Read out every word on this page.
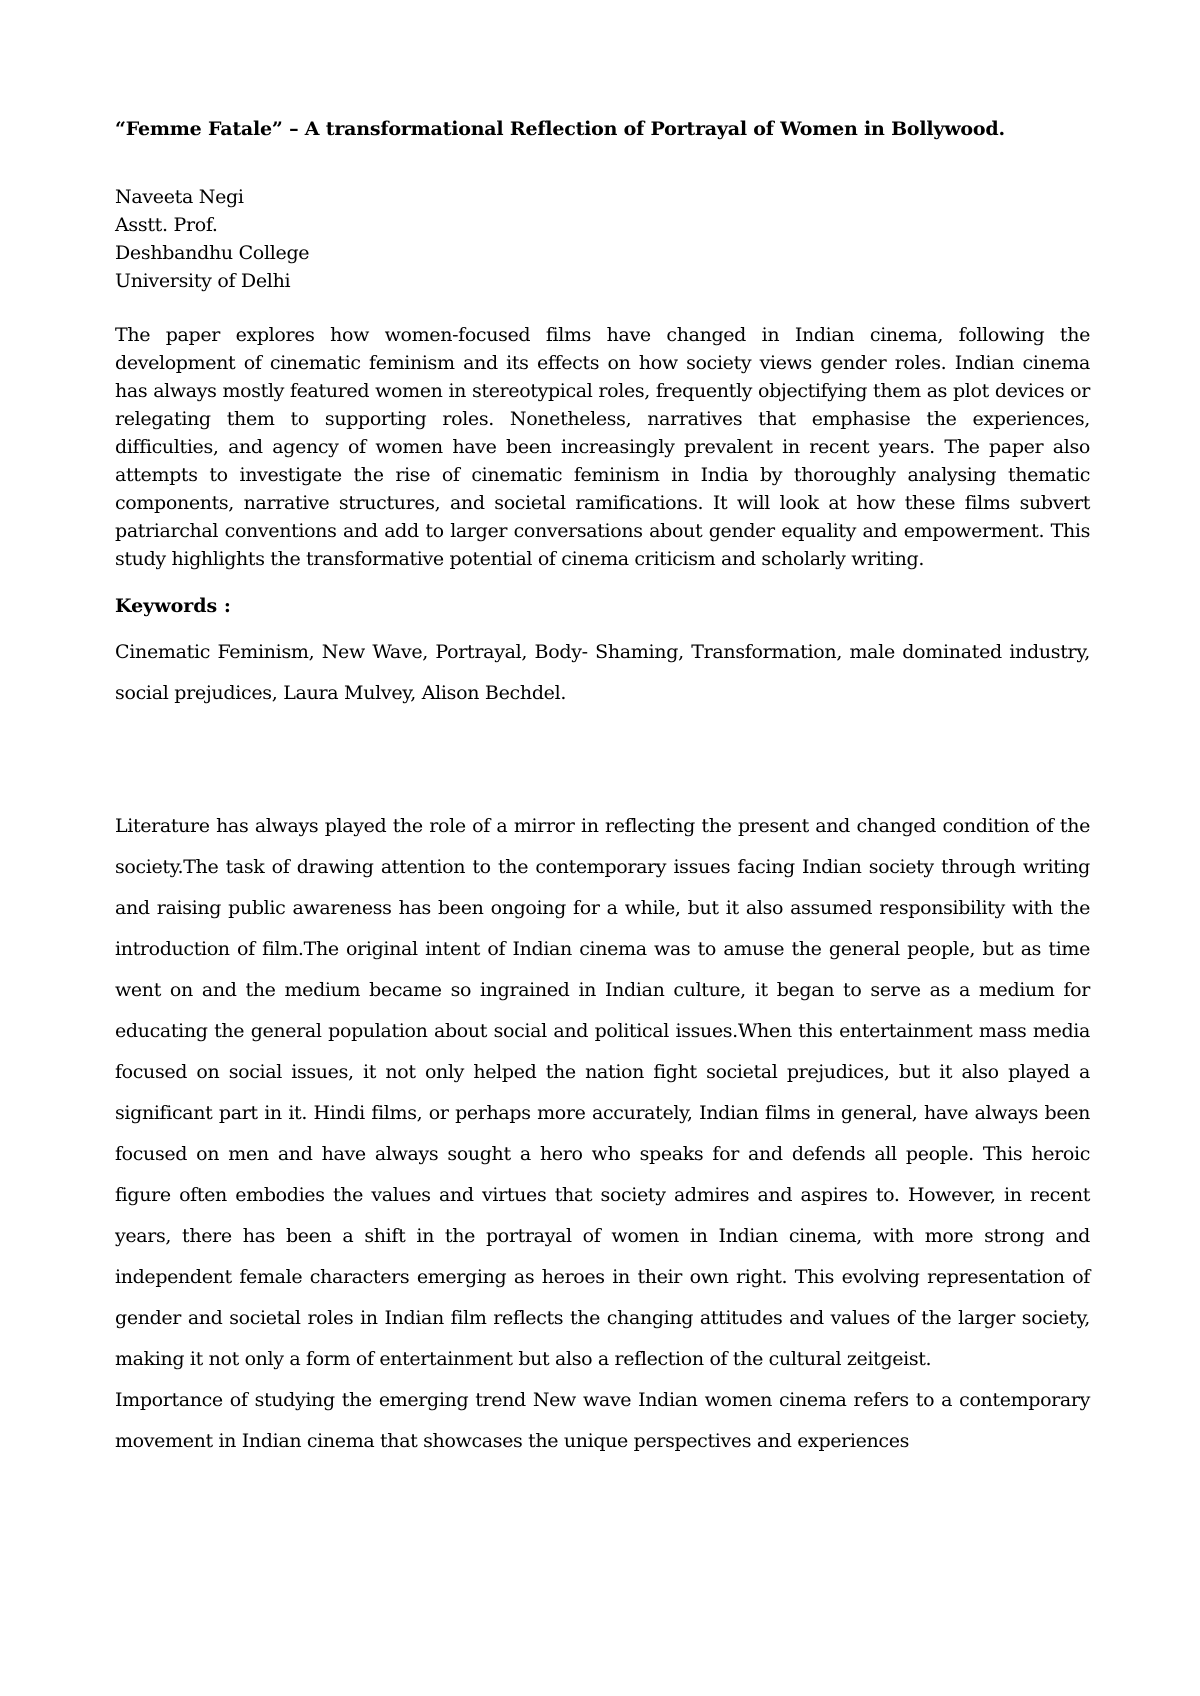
“Femme Fatale” – A transformational Reflection of Portrayal of Women in Bollywood.
Naveeta Negi
Asstt. Prof.
Deshbandhu College
University of Delhi
The paper explores how women-focused films have changed in Indian cinema, following the development of cinematic feminism and its effects on how society views gender roles. Indian cinema has always mostly featured women in stereotypical roles, frequently objectifying them as plot devices or relegating them to supporting roles. Nonetheless, narratives that emphasise the experiences, difficulties, and agency of women have been increasingly prevalent in recent years. The paper also attempts to investigate the rise of cinematic feminism in India by thoroughly analysing thematic components, narrative structures, and societal ramifications. It will look at how these films subvert patriarchal conventions and add to larger conversations about gender equality and empowerment. This study highlights the transformative potential of cinema criticism and scholarly writing.
Keywords :
Cinematic Feminism, New Wave, Portrayal, Body- Shaming, Transformation, male dominated industry, social prejudices, Laura Mulvey, Alison Bechdel.

Literature has always played the role of a mirror in reflecting the present and changed condition of the society.The task of drawing attention to the contemporary issues facing Indian society through writing and raising public awareness has been ongoing for a while, but it also assumed responsibility with the introduction of film.The original intent of Indian cinema was to amuse the general people, but as time went on and the medium became so ingrained in Indian culture, it began to serve as a medium for educating the general population about social and political issues.When this entertainment mass media focused on social issues, it not only helped the nation fight societal prejudices, but it also played a significant part in it. Hindi films, or perhaps more accurately, Indian films in general, have always been focused on men and have always sought a hero who speaks for and defends all people. This heroic figure often embodies the values and virtues that society admires and aspires to. However, in recent years, there has been a shift in the portrayal of women in Indian cinema, with more strong and independent female characters emerging as heroes in their own right. This evolving representation of gender and societal roles in Indian film reflects the changing attitudes and values of the larger society, making it not only a form of entertainment but also a reflection of the cultural zeitgeist.

Importance of studying the emerging trend New wave Indian women cinema refers to a contemporary movement in Indian cinema that showcases the unique perspectives and experiences
